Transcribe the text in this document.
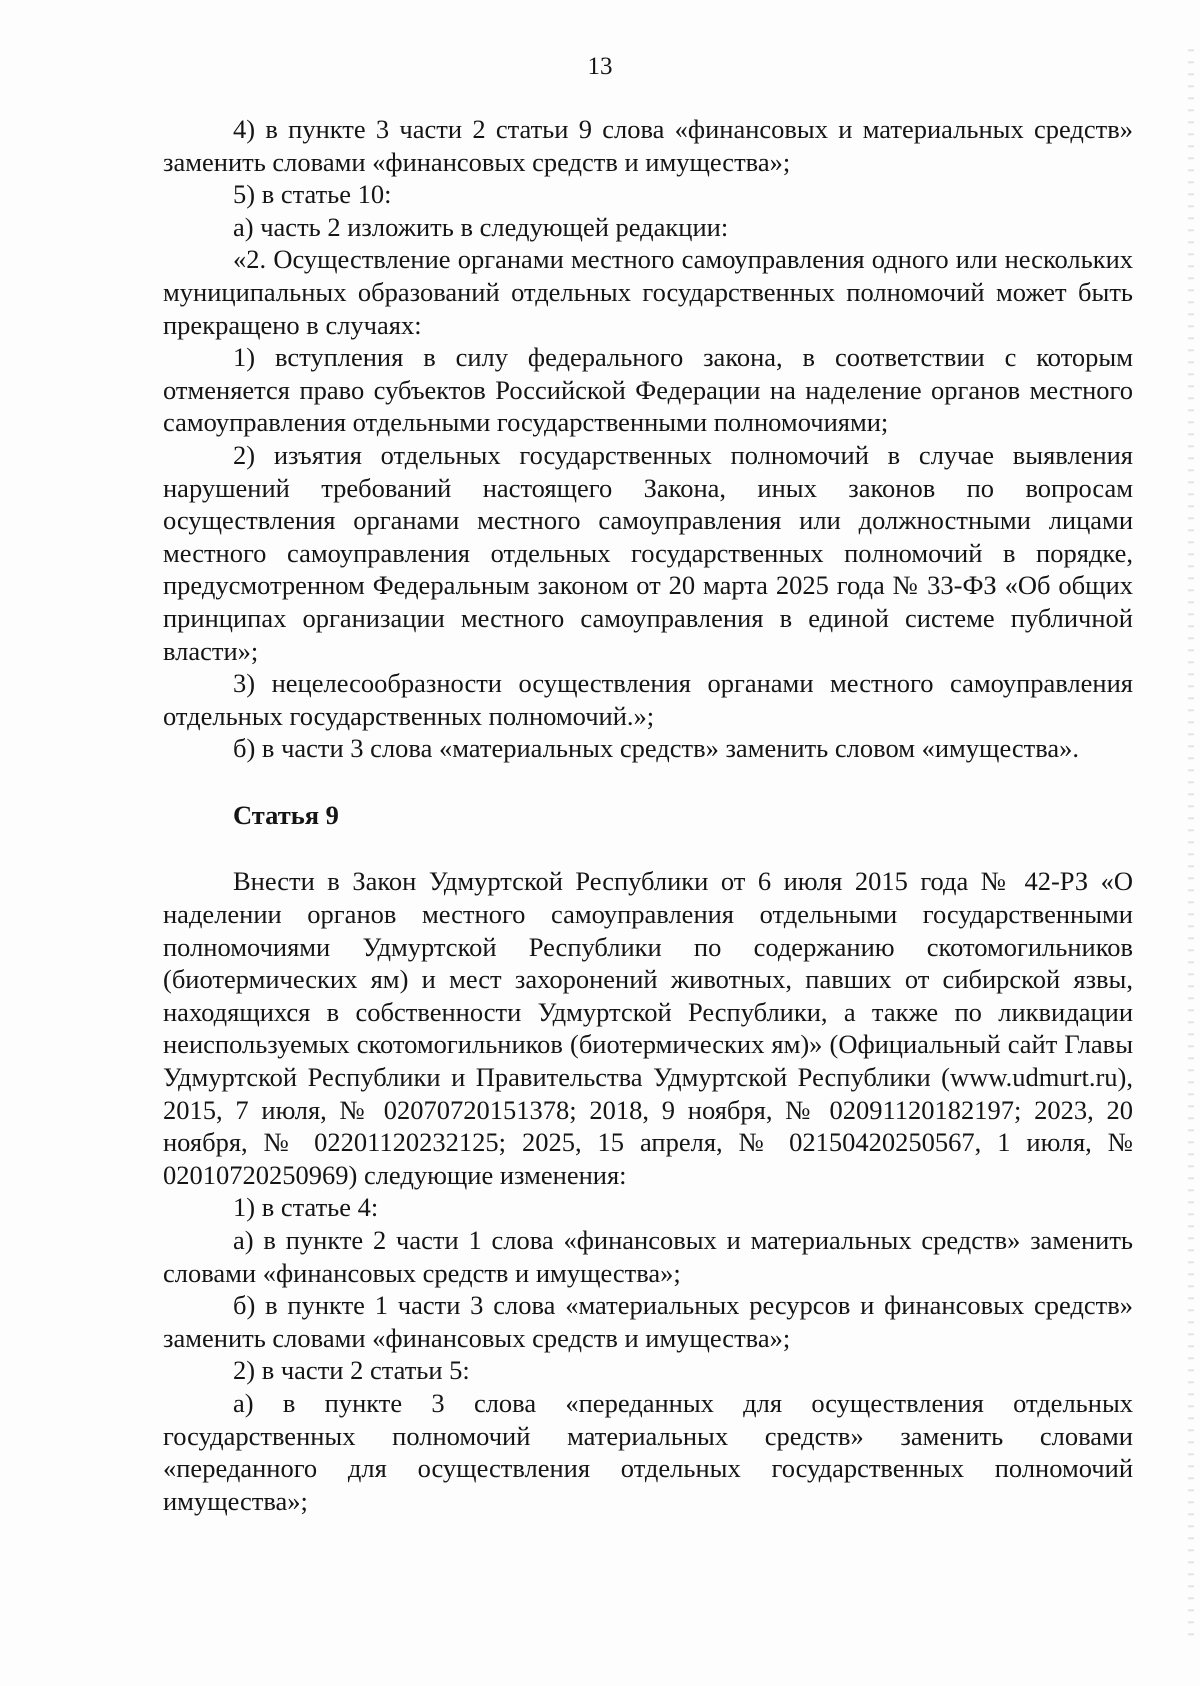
13

4) в пункте 3 части 2 статьи 9 слова «финансовых и материальных средств» заменить словами «финансовых средств и имущества»;

5) в статье 10:

а) часть 2 изложить в следующей редакции:

«2. Осуществление органами местного самоуправления одного или нескольких муниципальных образований отдельных государственных полномочий может быть прекращено в случаях:

1) вступления в силу федерального закона, в соответствии с которым отменяется право субъектов Российской Федерации на наделение органов местного самоуправления отдельными государственными полномочиями;

2) изъятия отдельных государственных полномочий в случае выявления нарушений требований настоящего Закона, иных законов по вопросам осуществления органами местного самоуправления или должностными лицами местного самоуправления отдельных государственных полномочий в порядке, предусмотренном Федеральным законом от 20 марта 2025 года № 33-ФЗ «Об общих принципах организации местного самоуправления в единой системе публичной власти»;

3) нецелесообразности осуществления органами местного самоуправления отдельных государственных полномочий.»;

б) в части 3 слова «материальных средств» заменить словом «имущества».

Статья 9

Внести в Закон Удмуртской Республики от 6 июля 2015 года № 42-РЗ «О наделении органов местного самоуправления отдельными государственными полномочиями Удмуртской Республики по содержанию скотомогильников (биотермических ям) и мест захоронений животных, павших от сибирской язвы, находящихся в собственности Удмуртской Республики, а также по ликвидации неиспользуемых скотомогильников (биотермических ям)» (Официальный сайт Главы Удмуртской Республики и Правительства Удмуртской Республики (www.udmurt.ru), 2015, 7 июля, № 02070720151378; 2018, 9 ноября, № 02091120182197; 2023, 20 ноября, № 02201120232125; 2025, 15 апреля, № 02150420250567, 1 июля, № 02010720250969) следующие изменения:

1) в статье 4:

а) в пункте 2 части 1 слова «финансовых и материальных средств» заменить словами «финансовых средств и имущества»;

б) в пункте 1 части 3 слова «материальных ресурсов и финансовых средств» заменить словами «финансовых средств и имущества»;

2) в части 2 статьи 5:

а) в пункте 3 слова «переданных для осуществления отдельных государственных полномочий материальных средств» заменить словами «переданного для осуществления отдельных государственных полномочий имущества»;
